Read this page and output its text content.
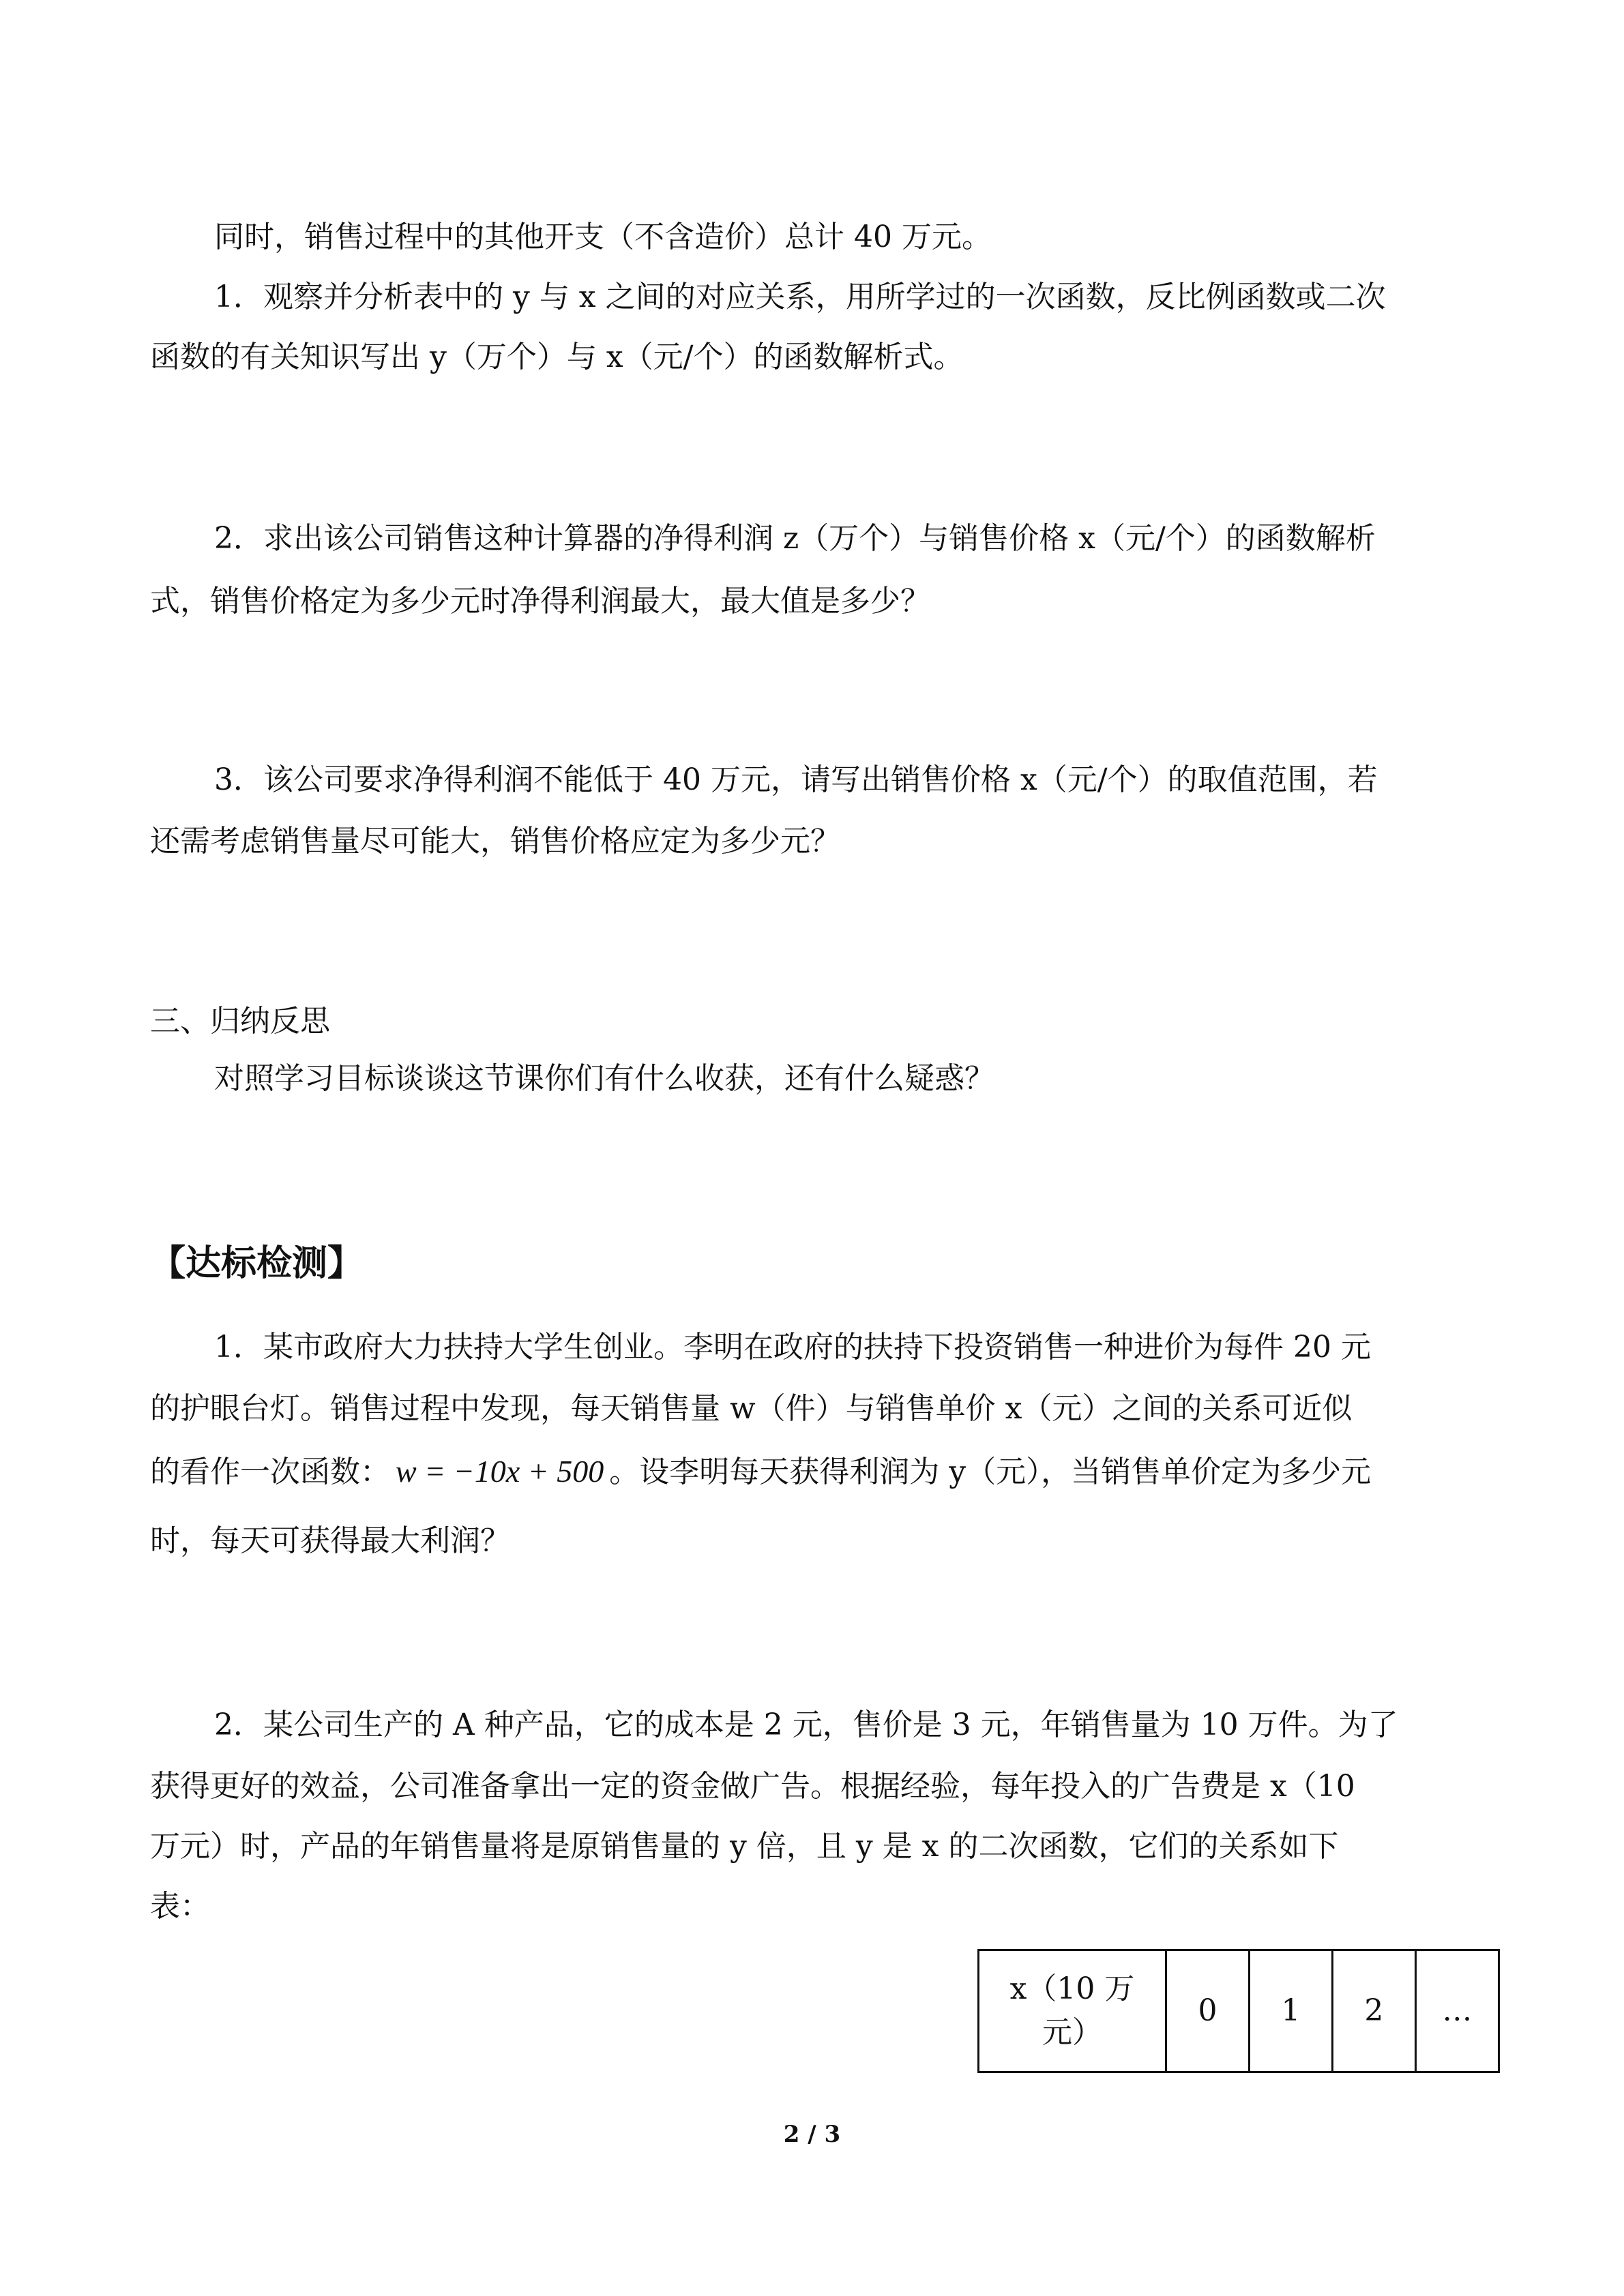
同时，销售过程中的其他开支（不含造价）总计 40 万元。
1．观察并分析表中的 y 与 x 之间的对应关系，用所学过的一次函数，反比例函数或二次
函数的有关知识写出 y（万个）与 x（元/个）的函数解析式。
2．求出该公司销售这种计算器的净得利润 z（万个）与销售价格 x（元/个）的函数解析
式，销售价格定为多少元时净得利润最大，最大值是多少？
3．该公司要求净得利润不能低于 40 万元，请写出销售价格 x（元/个）的取值范围，若
还需考虑销售量尽可能大，销售价格应定为多少元？
三、归纳反思
对照学习目标谈谈这节课你们有什么收获，还有什么疑惑？
【达标检测】
1．某市政府大力扶持大学生创业。李明在政府的扶持下投资销售一种进价为每件 20 元
的护眼台灯。销售过程中发现，每天销售量 w（件）与销售单价 x（元）之间的关系可近似
的看作一次函数： w = −10x + 500 。设李明每天获得利润为 y（元），当销售单价定为多少元
时，每天可获得最大利润？
2．某公司生产的 A 种产品，它的成本是 2 元，售价是 3 元，年销售量为 10 万件。为了
获得更好的效益，公司准备拿出一定的资金做广告。根据经验，每年投入的广告费是 x（10
万元）时，产品的年销售量将是原销售量的 y 倍，且 y 是 x 的二次函数，它们的关系如下
表：
x（10 万
元）
	0	1	2	…
2 / 3
